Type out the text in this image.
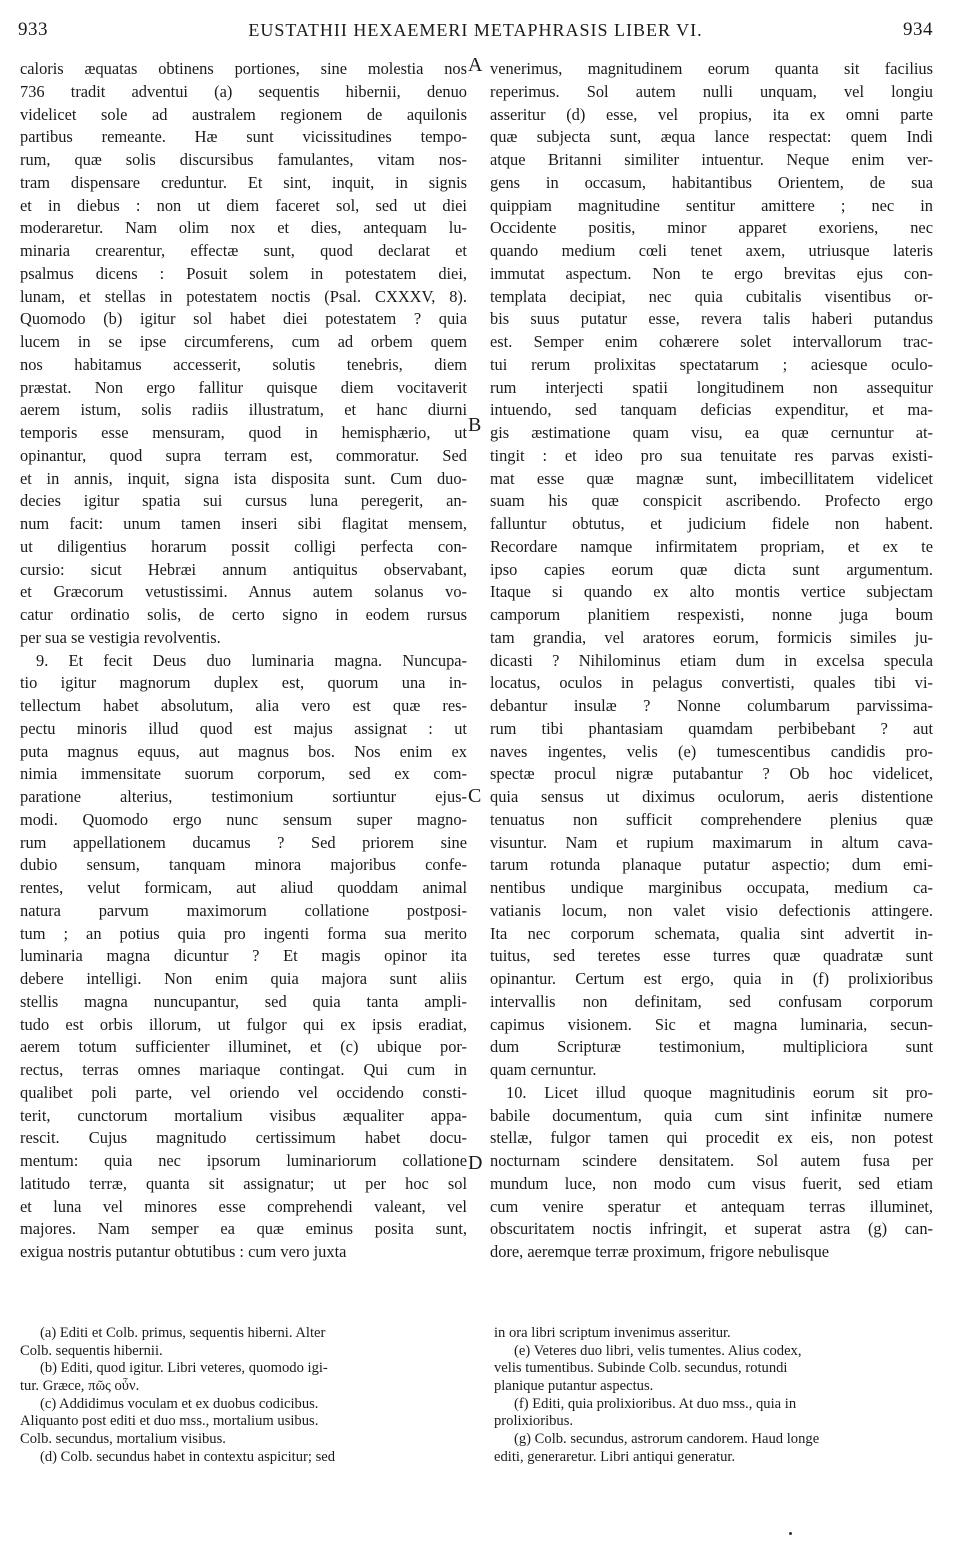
933	EUSTATHII HEXAEMERI METAPHRASIS LIBER VI.	934
caloris æquatas obtinens portiones, sine molestia nos
736 tradit adventui (a) sequentis hibernii, denuo
videlicet sole ad australem regionem de aquilonis
partibus remeante. Hæ sunt vicissitudines tempo-
rum, quæ solis discursibus famulantes, vitam nos-
tram dispensare creduntur. Et sint, inquit, in signis
et in diebus : non ut diem faceret sol, sed ut diei
moderaretur. Nam olim nox et dies, antequam lu-
minaria crearentur, effectæ sunt, quod declarat et
psalmus dicens : Posuit solem in potestatem diei,
lunam, et stellas in potestatem noctis (Psal. CXXXV, 8).
Quomodo (b) igitur sol habet diei potestatem ? quia
lucem in se ipse circumferens, cum ad orbem quem
nos habitamus accesserit, solutis tenebris, diem
præstat. Non ergo fallitur quisque diem vocitaverit
aerem istum, solis radiis illustratum, et hanc diurni
temporis esse mensuram, quod in hemisphærio, ut
opinantur, quod supra terram est, commoratur. Sed
et in annis, inquit, signa ista disposita sunt. Cum duo-
decies igitur spatia sui cursus luna peregerit, an-
num facit: unum tamen inseri sibi flagitat mensem,
ut diligentius horarum possit colligi perfecta con-
cursio: sicut Hebræi annum antiquitus observabant,
et Græcorum vetustissimi. Annus autem solanus vo-
catur ordinatio solis, de certo signo in eodem rursus
per sua se vestigia revolventis.
9. Et fecit Deus duo luminaria magna. Nuncupa-
tio igitur magnorum duplex est, quorum una in-
tellectum habet absolutum, alia vero est quæ res-
pectu minoris illud quod est majus assignat : ut
puta magnus equus, aut magnus bos. Nos enim ex
nimia immensitate suorum corporum, sed ex com-
paratione alterius, testimonium sortiuntur ejus-
modi. Quomodo ergo nunc sensum super magno-
rum appellationem ducamus ? Sed priorem sine
dubio sensum, tanquam minora majoribus confe-
rentes, velut formicam, aut aliud quoddam animal
natura parvum maximorum collatione postposi-
tum ; an potius quia pro ingenti forma sua merito
luminaria magna dicuntur ? Et magis opinor ita
debere intelligi. Non enim quia majora sunt aliis
stellis magna nuncupantur, sed quia tanta ampli-
tudo est orbis illorum, ut fulgor qui ex ipsis eradiat,
aerem totum sufficienter illuminet, et (c) ubique por-
rectus, terras omnes mariaque contingat. Qui cum in
qualibet poli parte, vel oriendo vel occidendo consti-
terit, cunctorum mortalium visibus æqualiter appa-
rescit. Cujus magnitudo certissimum habet docu-
mentum: quia nec ipsorum luminariorum collatione
latitudo terræ, quanta sit assignatur; ut per hoc sol
et luna vel minores esse comprehendi valeant, vel
majores. Nam semper ea quæ eminus posita sunt,
exigua nostris putantur obtutibus : cum vero juxta
venerimus, magnitudinem eorum quanta sit facilius
reperimus. Sol autem nulli unquam, vel longiu
asseritur (d) esse, vel propius, ita ex omni parte
quæ subjecta sunt, æqua lance respectat: quem Indi
atque Britanni similiter intuentur. Neque enim ver-
gens in occasum, habitantibus Orientem, de sua
quippiam magnitudine sentitur amittere ; nec in
Occidente positis, minor apparet exoriens, nec
quando medium cœli tenet axem, utriusque lateris
immutat aspectum. Non te ergo brevitas ejus con-
templata decipiat, nec quia cubitalis visentibus or-
bis suus putatur esse, revera talis haberi putandus
est. Semper enim cohærere solet intervallorum trac-
tui rerum prolixitas spectatarum ; aciesque oculo-
rum interjecti spatii longitudinem non assequitur
intuendo, sed tanquam deficias expenditur, et ma-
gis æstimatione quam visu, ea quæ cernuntur at-
tingit : et ideo pro sua tenuitate res parvas existi-
mat esse quæ magnæ sunt, imbecillitatem videlicet
suam his quæ conspicit ascribendo. Profecto ergo
falluntur obtutus, et judicium fidele non habent.
Recordare namque infirmitatem propriam, et ex te
ipso capies eorum quæ dicta sunt argumentum.
Itaque si quando ex alto montis vertice subjectam
camporum planitiem respexisti, nonne juga boum
tam grandia, vel aratores eorum, formicis similes ju-
dicasti ? Nihilominus etiam dum in excelsa specula
locatus, oculos in pelagus convertisti, quales tibi vi-
debantur insulæ ? Nonne columbarum parvissima-
rum tibi phantasiam quamdam perbibebant ? aut
naves ingentes, velis (e) tumescentibus candidis pro-
spectæ procul nigræ putabantur ? Ob hoc videlicet,
quia sensus ut diximus oculorum, aeris distentione
tenuatus non sufficit comprehendere plenius quæ
visuntur. Nam et rupium maximarum in altum cava-
tarum rotunda planaque putatur aspectio; dum emi-
nentibus undique marginibus occupata, medium ca-
vatianis locum, non valet visio defectionis attingere.
Ita nec corporum schemata, qualia sint advertit in-
tuitus, sed teretes esse turres quæ quadratæ sunt
opinantur. Certum est ergo, quia in (f) prolixioribus
intervallis non definitam, sed confusam corporum
capimus visionem. Sic et magna luminaria, secun-
dum Scripturæ testimonium, multipliciora sunt
quam cernuntur.
10. Licet illud quoque magnitudinis eorum sit pro-
babile documentum, quia cum sint infinitæ numere
stellæ, fulgor tamen qui procedit ex eis, non potest
nocturnam scindere densitatem. Sol autem fusa per
mundum luce, non modo cum visus fuerit, sed etiam
cum venire speratur et antequam terras illuminet,
obscuritatem noctis infringit, et superat astra (g) can-
dore, aeremque terræ proximum, frigore nebulisque
A
B
C
D
(a) Editi et Colb. primus, sequentis hiberni. Alter
Colb. sequentis hibernii.
(b) Editi, quod igitur. Libri veteres, quomodo igi-
tur. Græce, πῶς οὖν.
(c) Addidimus voculam et ex duobus codicibus.
Aliquanto post editi et duo mss., mortalium usibus.
Colb. secundus, mortalium visibus.
(d) Colb. secundus habet in contextu aspicitur; sed
in ora libri scriptum invenimus asseritur.
(e) Veteres duo libri, velis tumentes. Alius codex,
velis tumentibus. Subinde Colb. secundus, rotundi
planique putantur aspectus.
(f) Editi, quia prolixioribus. At duo mss., quia in
prolixioribus.
(g) Colb. secundus, astrorum candorem. Haud longe
editi, generaretur. Libri antiqui generatur.
